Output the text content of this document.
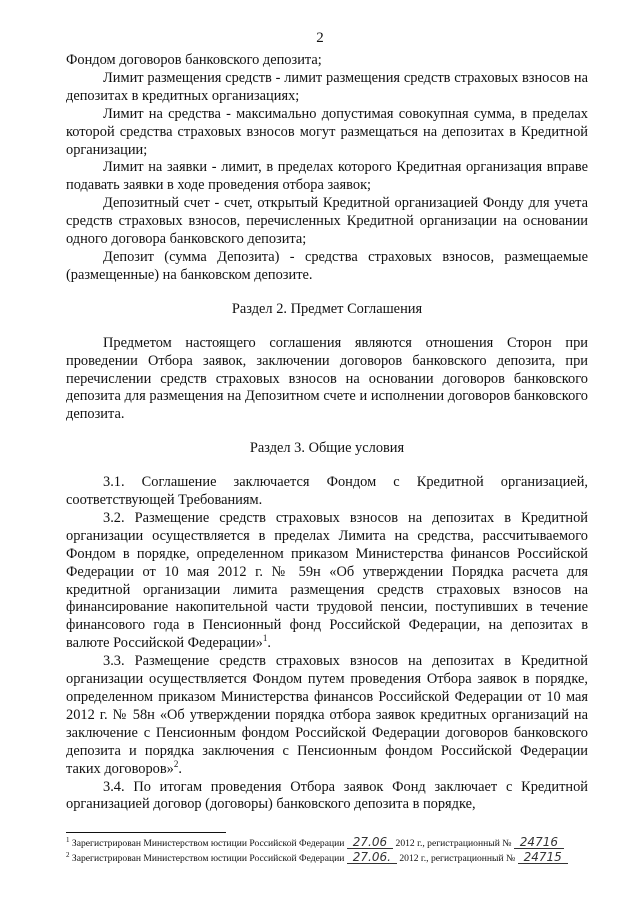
2

Фондом договоров банковского депозита;

Лимит размещения средств - лимит размещения средств страховых взносов на депозитах в кредитных организациях;

Лимит на средства - максимально допустимая совокупная сумма, в пределах которой средства страховых взносов могут размещаться на депозитах в Кредитной организации;

Лимит на заявки - лимит, в пределах которого Кредитная организация вправе подавать заявки в ходе проведения отбора заявок;

Депозитный счет - счет, открытый Кредитной организацией Фонду для учета средств страховых взносов, перечисленных Кредитной организации на основании одного договора банковского депозита;

Депозит (сумма Депозита) - средства страховых взносов, размещаемые (размещенные) на банковском депозите.

Раздел 2. Предмет Соглашения

Предметом настоящего соглашения являются отношения Сторон при проведении Отбора заявок, заключении договоров банковского депозита, при перечислении средств страховых взносов на основании договоров банковского депозита для размещения на Депозитном счете и исполнении договоров банковского депозита.

Раздел 3. Общие условия

3.1. Соглашение заключается Фондом с Кредитной организацией, соответствующей Требованиям.

3.2. Размещение средств страховых взносов на депозитах в Кредитной организации осуществляется в пределах Лимита на средства, рассчитываемого Фондом в порядке, определенном приказом Министерства финансов Российской Федерации от 10 мая 2012 г. № 59н «Об утверждении Порядка расчета для кредитной организации лимита размещения средств страховых взносов на финансирование накопительной части трудовой пенсии, поступивших в течение финансового года в Пенсионный фонд Российской Федерации, на депозитах в валюте Российской Федерации»$^1$.

3.3. Размещение средств страховых взносов на депозитах в Кредитной организации осуществляется Фондом путем проведения Отбора заявок в порядке, определенном приказом Министерства финансов Российской Федерации от 10 мая 2012 г. № 58н «Об утверждении порядка отбора заявок кредитных организаций на заключение с Пенсионным фондом Российской Федерации договоров банковского депозита и порядка заключения с Пенсионным фондом Российской Федерации таких договоров»$^2$.

3.4. По итогам проведения Отбора заявок Фонд заключает с Кредитной организацией договор (договоры) банковского депозита в порядке,

$^1$ Зарегистрирован Министерством юстиции Российской Федерации 27.06 2012 г., регистрационный № 24716

$^2$ Зарегистрирован Министерством юстиции Российской Федерации 27.06. 2012 г., регистрационный № 24715
